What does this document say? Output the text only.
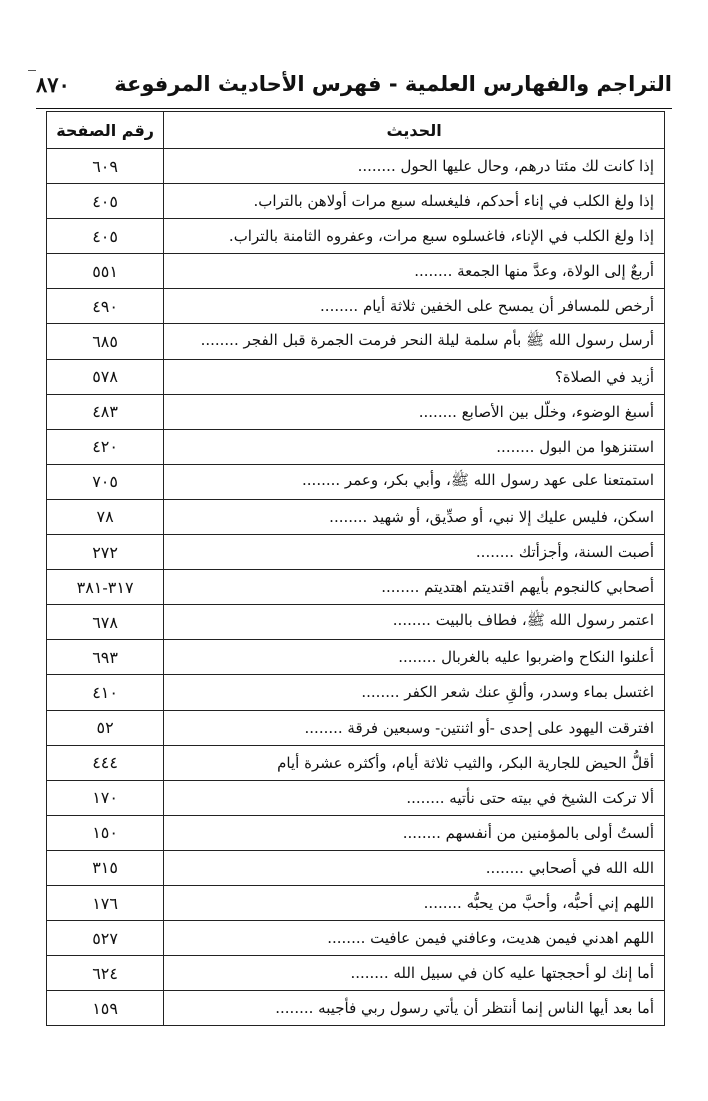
التراجم والفهارس العلمية - فهرس الأحاديث المرفوعة
٨٧٠
الحديث	رقم الصفحة
إذا كانت لك مئتا درهم، وحال عليها الحول ........	٦٠٩
إذا ولغ الكلب في إناء أحدكم، فليغسله سبع مرات أولاهن بالتراب.	٤٠٥
إذا ولغ الكلب في الإناء، فاغسلوه سبع مرات، وعفروه الثامنة بالتراب.	٤٠٥
أربعٌ إلى الولاة، وعدَّ منها الجمعة ........	٥٥١
أرخص للمسافر أن يمسح على الخفين ثلاثة أيام ........	٤٩٠
أرسل رسول الله ﷺ بأم سلمة ليلة النحر فرمت الجمرة قبل الفجر ........	٦٨٥
أزيد في الصلاة؟	٥٧٨
أسبغ الوضوء، وخلّل بين الأصابع ........	٤٨٣
استنزهوا من البول ........	٤٢٠
استمتعنا على عهد رسول الله ﷺ، وأبي بكر، وعمر ........	٧٠٥
اسكن، فليس عليك إلا نبي، أو صدِّيق، أو شهيد ........	٧٨
أصبت السنة، وأجزأتك ........	٢٧٢
أصحابي كالنجوم بأيهم اقتديتم اهتديتم ........	٣١٧-٣٨١
اعتمر رسول الله ﷺ، فطاف بالبيت ........	٦٧٨
أعلنوا النكاح واضربوا عليه بالغربال ........	٦٩٣
اغتسل بماء وسدر، وألقِ عنك شعر الكفر ........	٤١٠
افترقت اليهود على إحدى -أو اثنتين- وسبعين فرقة ........	٥٢
أقلُّ الحيض للجارية البكر، والثيب ثلاثة أيام، وأكثره عشرة أيام	٤٤٤
ألا تركت الشيخ في بيته حتى نأتيه ........	١٧٠
ألستُ أولى بالمؤمنين من أنفسهم ........	١٥٠
الله الله في أصحابي ........	٣١٥
اللهم إني أحبُّه، وأحبَّ من يحبُّه ........	١٧٦
اللهم اهدني فيمن هديت، وعافني فيمن عافيت ........	٥٢٧
أما إنك لو أحججتها عليه كان في سبيل الله ........	٦٢٤
أما بعد أيها الناس إنما أنتظر أن يأتي رسول ربي فأجيبه ........	١٥٩
